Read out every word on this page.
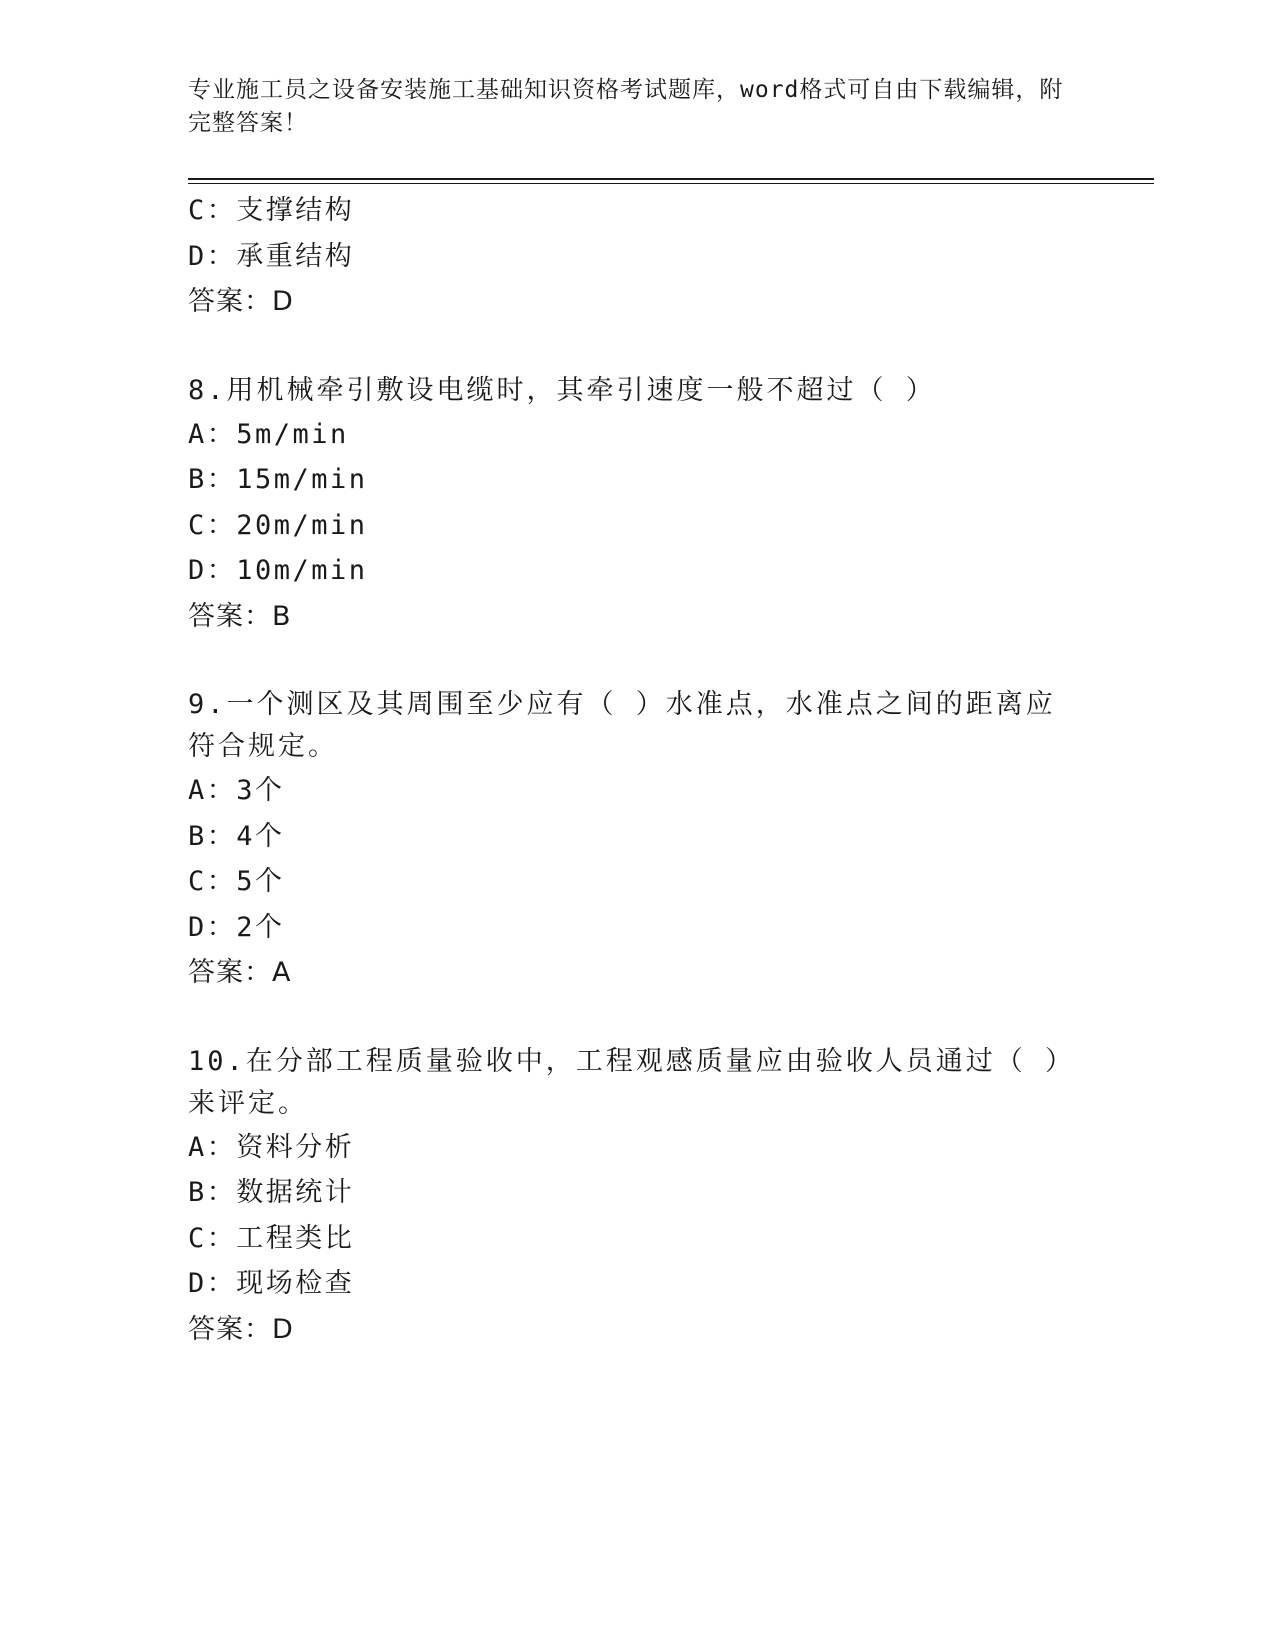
专业施工员之设备安装施工基础知识资格考试题库，word格式可自由下载编辑，附完整答案！
C：支撑结构
D：承重结构
答案：D
8.用机械牵引敷设电缆时，其牵引速度一般不超过（ ）
A：5m/min
B：15m/min
C：20m/min
D：10m/min
答案：B
9.一个测区及其周围至少应有（ ）水准点，水准点之间的距离应符合规定。
A：3个
B：4个
C：5个
D：2个
答案：A
10.在分部工程质量验收中，工程观感质量应由验收人员通过（ ）来评定。
A：资料分析
B：数据统计
C：工程类比
D：现场检查
答案：D
